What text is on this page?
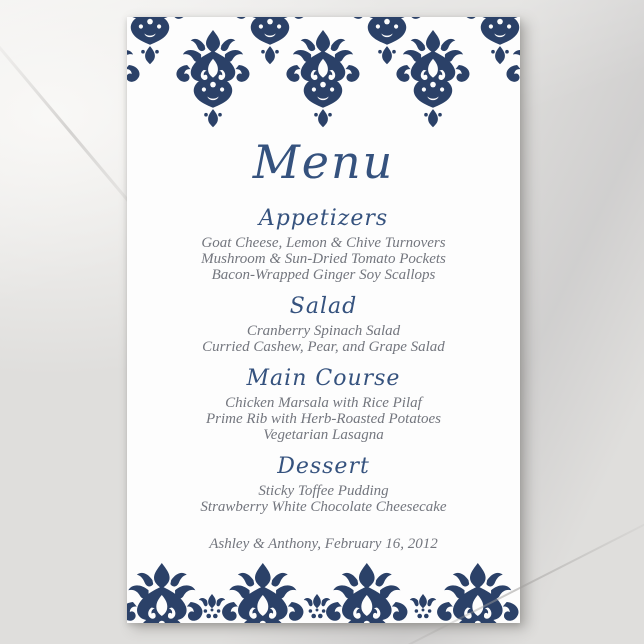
Menu
Appetizers
Goat Cheese, Lemon & Chive Turnovers
Mushroom & Sun-Dried Tomato Pockets
Bacon-Wrapped Ginger Soy Scallops
Salad
Cranberry Spinach Salad
Curried Cashew, Pear, and Grape Salad
Main Course
Chicken Marsala with Rice Pilaf
Prime Rib with Herb-Roasted Potatoes
Vegetarian Lasagna
Dessert
Sticky Toffee Pudding
Strawberry White Chocolate Cheesecake
Ashley & Anthony, February 16, 2012
